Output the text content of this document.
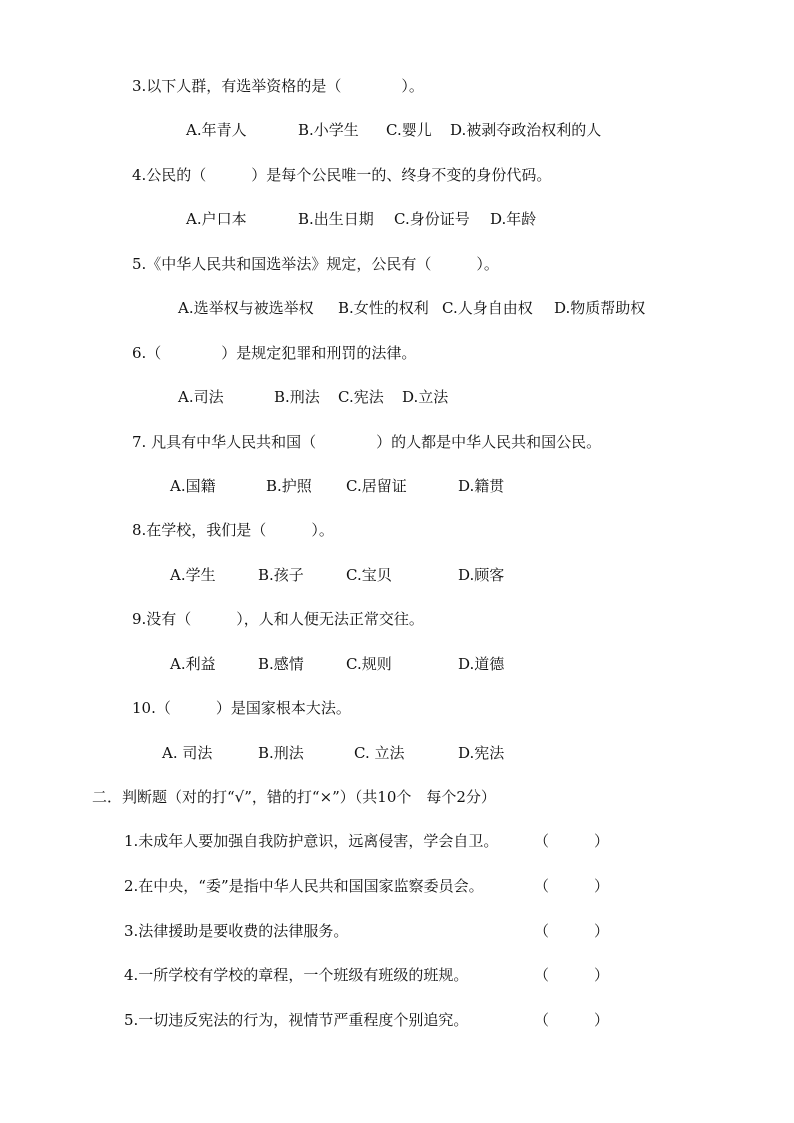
3.以下人群，有选举资格的是（　　　　）。
A.年青人	B.小学生 C.婴儿 D.被剥夺政治权利的人
4.公民的（　　　）是每个公民唯一的、终身不变的身份代码。
A.户口本	B.出生日期 C.身份证号 D.年龄
5.《中华人民共和国选举法》规定，公民有（　　　）。
A.选举权与被选举权 B.女性的权利 C.人身自由权 D.物质帮助权
6.（　　　　）是规定犯罪和刑罚的法律。
A.司法	B.刑法 C.宪法 D.立法
7. 凡具有中华人民共和国（　　　　）的人都是中华人民共和国公民。
A.国籍	B.护照 C.居留证	D.籍贯
8.在学校，我们是（　　　）。
A.学生	B.孩子	C.宝贝	D.顾客
9.没有（　　　），人和人便无法正常交往。
A.利益	B.感情	C.规则	D.道德
10.（　　　）是国家根本大法。
A. 司法	B.刑法	C. 立法	D.宪法
二．判断题（对的打“√”，错的打“×”）（共10个　每个2分）
1.未成年人要加强自我防护意识，远离侵害，学会自卫。 （　　　）
2.在中央，“委”是指中华人民共和国国家监察委员会。	（　　　）
3.法律援助是要收费的法律服务。	（　　　）
4.一所学校有学校的章程，一个班级有班级的班规。	（　　　）
5.一切违反宪法的行为，视情节严重程度个别追究。	（　　　）
